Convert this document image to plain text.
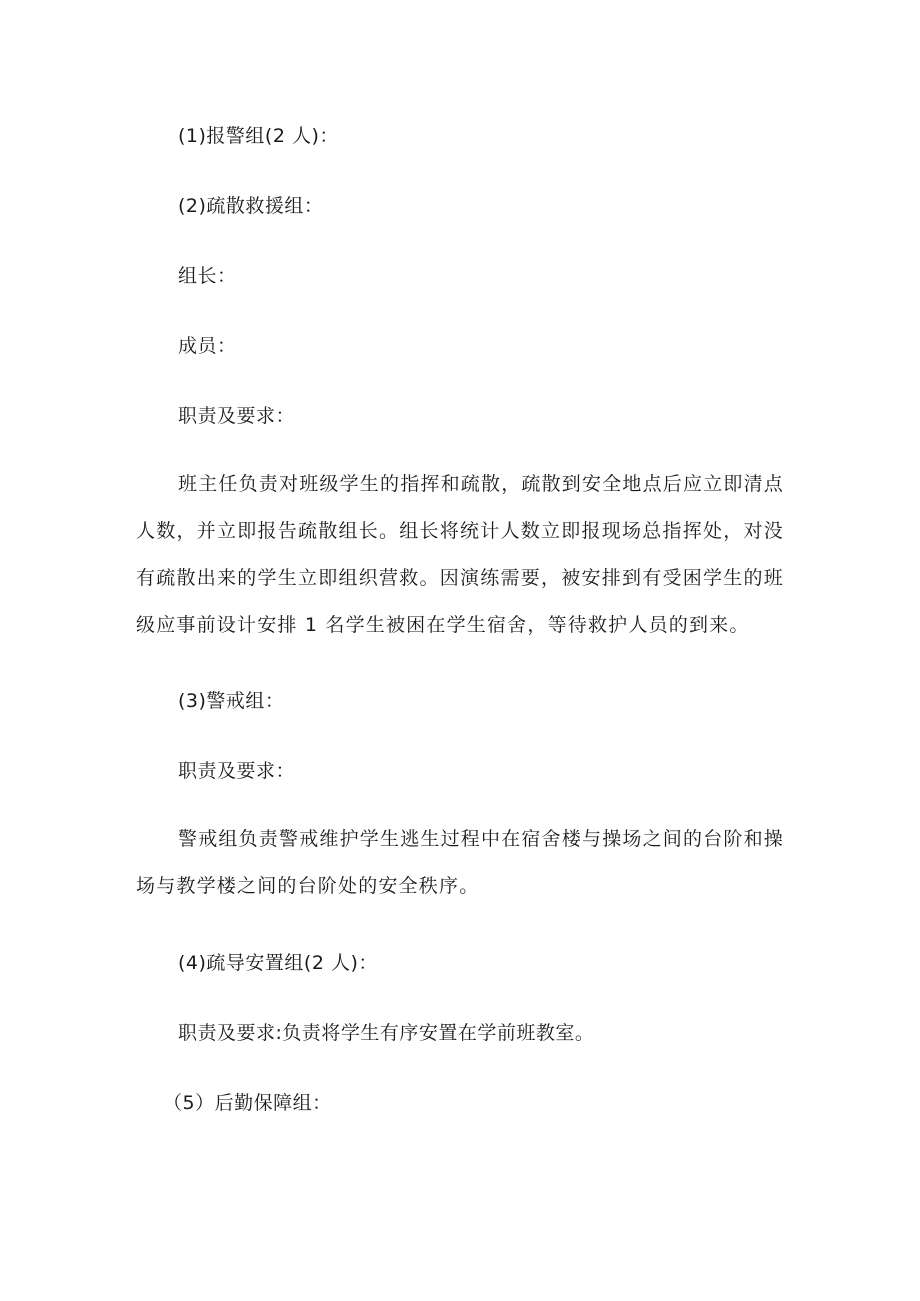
(1)报警组(2 人)：
(2)疏散救援组：
组长：
成员：
职责及要求：
班主任负责对班级学生的指挥和疏散，疏散到安全地点后应立即清点人数，并立即报告疏散组长。组长将统计人数立即报现场总指挥处，对没有疏散出来的学生立即组织营救。因演练需要，被安排到有受困学生的班级应事前设计安排 1 名学生被困在学生宿舍，等待救护人员的到来。
(3)警戒组：
职责及要求：
警戒组负责警戒维护学生逃生过程中在宿舍楼与操场之间的台阶和操场与教学楼之间的台阶处的安全秩序。
(4)疏导安置组(2 人)：
职责及要求:负责将学生有序安置在学前班教室。
（5）后勤保障组：
